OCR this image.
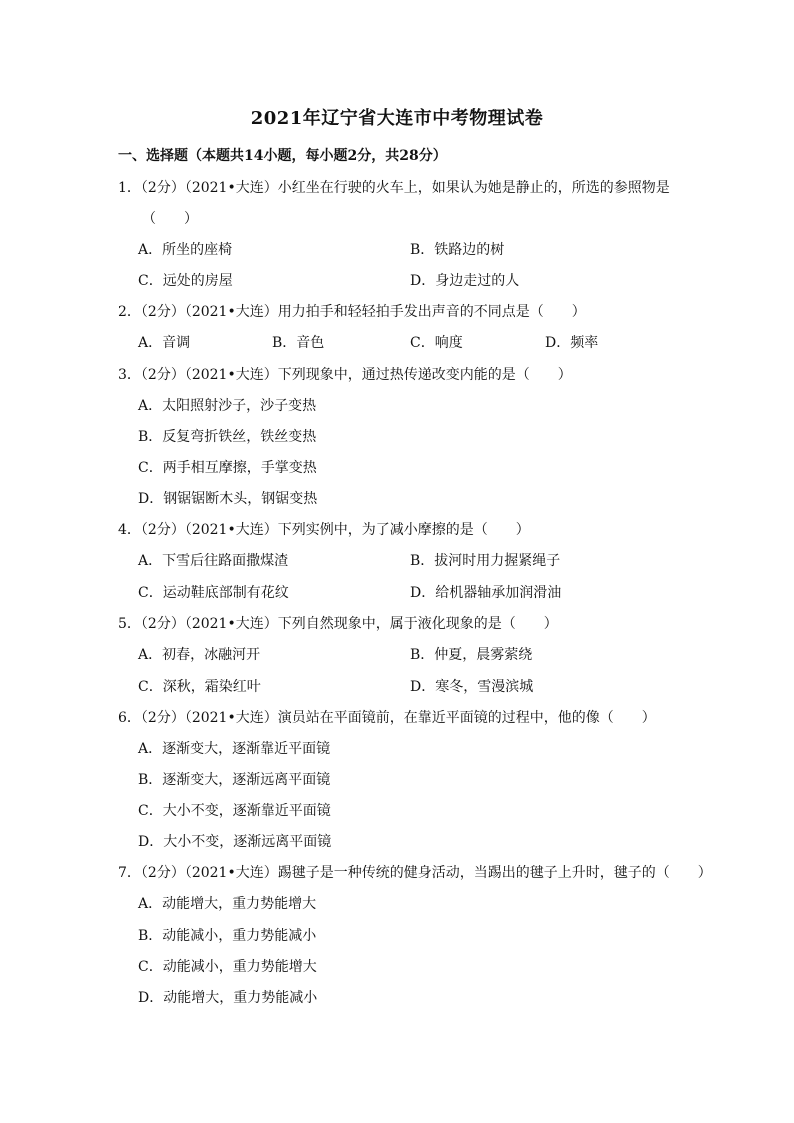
2021年辽宁省大连市中考物理试卷
一、选择题（本题共14小题，每小题2分，共28分）
1．（2分）（2021•大连）小红坐在行驶的火车上，如果认为她是静止的，所选的参照物是
（　　）
A．所坐的座椅	B．铁路边的树
C．远处的房屋	D．身边走过的人
2．（2分）（2021•大连）用力拍手和轻轻拍手发出声音的不同点是（　　）
A．音调	B．音色	C．响度	D．频率
3．（2分）（2021•大连）下列现象中，通过热传递改变内能的是（　　）
A．太阳照射沙子，沙子变热
B．反复弯折铁丝，铁丝变热
C．两手相互摩擦，手掌变热
D．钢锯锯断木头，钢锯变热
4．（2分）（2021•大连）下列实例中，为了减小摩擦的是（　　）
A．下雪后往路面撒煤渣	B．拔河时用力握紧绳子
C．运动鞋底部制有花纹	D．给机器轴承加润滑油
5．（2分）（2021•大连）下列自然现象中，属于液化现象的是（　　）
A．初春，冰融河开	B．仲夏，晨雾萦绕
C．深秋，霜染红叶	D．寒冬，雪漫滨城
6．（2分）（2021•大连）演员站在平面镜前，在靠近平面镜的过程中，他的像（　　）
A．逐渐变大，逐渐靠近平面镜
B．逐渐变大，逐渐远离平面镜
C．大小不变，逐渐靠近平面镜
D．大小不变，逐渐远离平面镜
7．（2分）（2021•大连）踢毽子是一种传统的健身活动，当踢出的毽子上升时，毽子的（　　）
A．动能增大，重力势能增大
B．动能减小，重力势能减小
C．动能减小，重力势能增大
D．动能增大，重力势能减小
